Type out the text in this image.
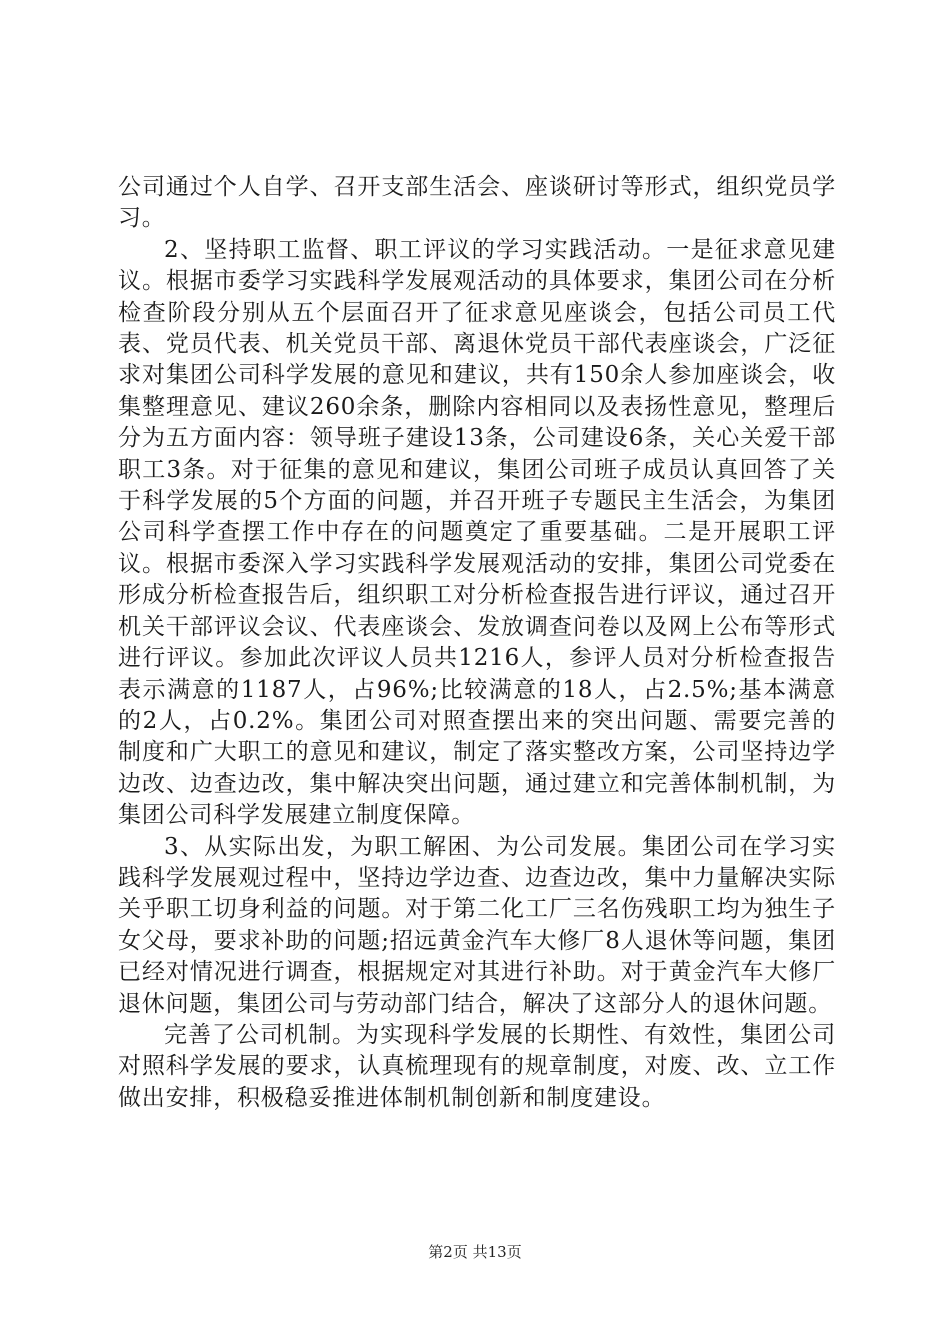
公司通过个人自学、召开支部生活会、座谈研讨等形式，组织党员学习。

2、坚持职工监督、职工评议的学习实践活动。一是征求意见建议。根据市委学习实践科学发展观活动的具体要求，集团公司在分析检查阶段分别从五个层面召开了征求意见座谈会，包括公司员工代表、党员代表、机关党员干部、离退休党员干部代表座谈会，广泛征求对集团公司科学发展的意见和建议，共有150余人参加座谈会，收集整理意见、建议260余条，删除内容相同以及表扬性意见，整理后分为五方面内容：领导班子建设13条，公司建设6条，关心关爱干部职工3条。对于征集的意见和建议，集团公司班子成员认真回答了关于科学发展的5个方面的问题，并召开班子专题民主生活会，为集团公司科学查摆工作中存在的问题奠定了重要基础。二是开展职工评议。根据市委深入学习实践科学发展观活动的安排，集团公司党委在形成分析检查报告后，组织职工对分析检查报告进行评议，通过召开机关干部评议会议、代表座谈会、发放调查问卷以及网上公布等形式进行评议。参加此次评议人员共1216人，参评人员对分析检查报告表示满意的1187人，占96%;比较满意的18人，占2.5%;基本满意的2人，占0.2%。集团公司对照查摆出来的突出问题、需要完善的制度和广大职工的意见和建议，制定了落实整改方案，公司坚持边学边改、边查边改，集中解决突出问题，通过建立和完善体制机制，为集团公司科学发展建立制度保障。

3、从实际出发，为职工解困、为公司发展。集团公司在学习实践科学发展观过程中，坚持边学边查、边查边改，集中力量解决实际关乎职工切身利益的问题。对于第二化工厂三名伤残职工均为独生子女父母，要求补助的问题;招远黄金汽车大修厂8人退休等问题，集团已经对情况进行调查，根据规定对其进行补助。对于黄金汽车大修厂退休问题，集团公司与劳动部门结合，解决了这部分人的退休问题。

完善了公司机制。为实现科学发展的长期性、有效性，集团公司对照科学发展的要求，认真梳理现有的规章制度，对废、改、立工作做出安排，积极稳妥推进体制机制创新和制度建设。

第2页 共13页
